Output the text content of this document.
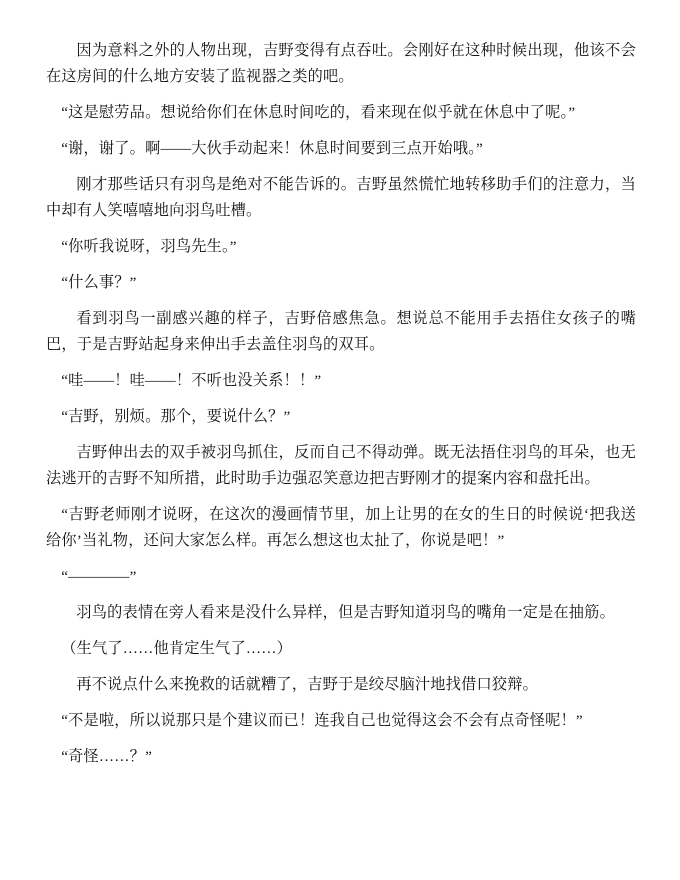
因为意料之外的人物出现，吉野变得有点吞吐。会刚好在这种时候出现，他该不会在这房间的什么地方安装了监视器之类的吧。

“这是慰劳品。想说给你们在休息时间吃的，看来现在似乎就在休息中了呢。”

“谢，谢了。啊——大伙手动起来！休息时间要到三点开始哦。”

刚才那些话只有羽鸟是绝对不能告诉的。吉野虽然慌忙地转移助手们的注意力，当中却有人笑嘻嘻地向羽鸟吐槽。

“你听我说呀，羽鸟先生。”

“什么事？”

看到羽鸟一副感兴趣的样子，吉野倍感焦急。想说总不能用手去捂住女孩子的嘴巴，于是吉野站起身来伸出手去盖住羽鸟的双耳。

“哇——！哇——！不听也没关系！！”

“吉野，别烦。那个，要说什么？”

吉野伸出去的双手被羽鸟抓住，反而自己不得动弹。既无法捂住羽鸟的耳朵，也无法逃开的吉野不知所措，此时助手边强忍笑意边把吉野刚才的提案内容和盘托出。

“吉野老师刚才说呀，在这次的漫画情节里，加上让男的在女的生日的时候说‘把我送给你’当礼物，还问大家怎么样。再怎么想这也太扯了，你说是吧！”

“————”

羽鸟的表情在旁人看来是没什么异样，但是吉野知道羽鸟的嘴角一定是在抽筋。

（生气了……他肯定生气了……）

再不说点什么来挽救的话就糟了，吉野于是绞尽脑汁地找借口狡辩。

“不是啦，所以说那只是个建议而已！连我自己也觉得这会不会有点奇怪呢！”

“奇怪……？”
